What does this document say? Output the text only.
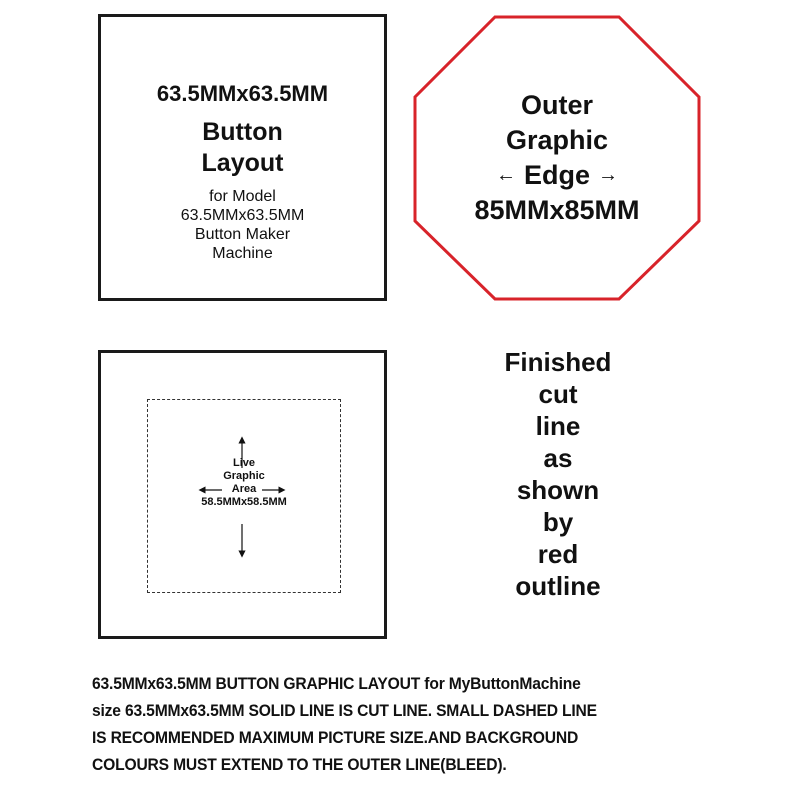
63.5MMx63.5MM
Button
Layout
for Model
63.5MMx63.5MM
Button Maker
Machine
Outer
Graphic
← Edge →
85MMx85MM
Live
Graphic
Area
58.5MMx58.5MM
Finished
cut
line
as
shown
by
red
outline
63.5MMx63.5MM BUTTON GRAPHIC LAYOUT for MyButtonMachine
size 63.5MMx63.5MM SOLID LINE IS CUT LINE. SMALL DASHED LINE
IS RECOMMENDED MAXIMUM PICTURE SIZE.AND BACKGROUND
COLOURS MUST EXTEND TO THE OUTER LINE(BLEED).
